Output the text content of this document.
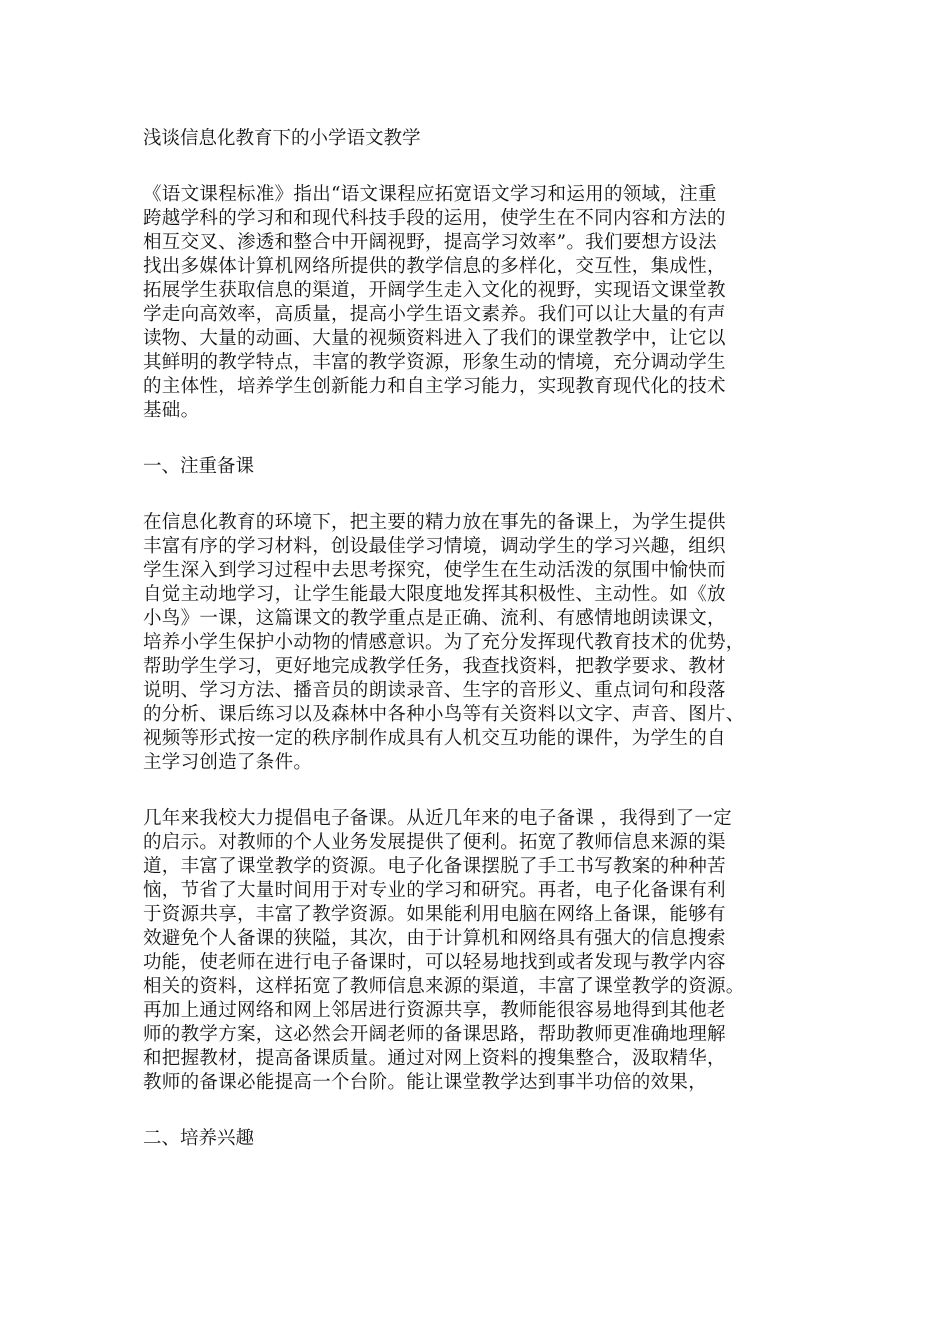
浅谈信息化教育下的小学语文教学
《语文课程标准》指出“语文课程应拓宽语文学习和运用的领域，注重
跨越学科的学习和和现代科技手段的运用，使学生在不同内容和方法的
相互交叉、渗透和整合中开阔视野，提高学习效率”。我们要想方设法
找出多媒体计算机网络所提供的教学信息的多样化，交互性，集成性，
拓展学生获取信息的渠道，开阔学生走入文化的视野，实现语文课堂教
学走向高效率，高质量，提高小学生语文素养。我们可以让大量的有声
读物、大量的动画、大量的视频资料进入了我们的课堂教学中，让它以
其鲜明的教学特点，丰富的教学资源，形象生动的情境，充分调动学生
的主体性，培养学生创新能力和自主学习能力，实现教育现代化的技术
基础。
一、注重备课
在信息化教育的环境下，把主要的精力放在事先的备课上，为学生提供
丰富有序的学习材料，创设最佳学习情境，调动学生的学习兴趣，组织
学生深入到学习过程中去思考探究，使学生在生动活泼的氛围中愉快而
自觉主动地学习，让学生能最大限度地发挥其积极性、主动性。如《放
小鸟》一课，这篇课文的教学重点是正确、流利、有感情地朗读课文，
培养小学生保护小动物的情感意识。为了充分发挥现代教育技术的优势，
帮助学生学习，更好地完成教学任务，我查找资料，把教学要求、教材
说明、学习方法、播音员的朗读录音、生字的音形义、重点词句和段落
的分析、课后练习以及森林中各种小鸟等有关资料以文字、声音、图片、
视频等形式按一定的秩序制作成具有人机交互功能的课件，为学生的自
主学习创造了条件。
几年来我校大力提倡电子备课。从近几年来的电子备课 ，我得到了一定
的启示。对教师的个人业务发展提供了便利。拓宽了教师信息来源的渠
道，丰富了课堂教学的资源。电子化备课摆脱了手工书写教案的种种苦
恼，节省了大量时间用于对专业的学习和研究。再者，电子化备课有利
于资源共享，丰富了教学资源。如果能利用电脑在网络上备课，能够有
效避免个人备课的狭隘，其次，由于计算机和网络具有强大的信息搜索
功能，使老师在进行电子备课时，可以轻易地找到或者发现与教学内容
相关的资料，这样拓宽了教师信息来源的渠道，丰富了课堂教学的资源。
再加上通过网络和网上邻居进行资源共享，教师能很容易地得到其他老
师的教学方案，这必然会开阔老师的备课思路，帮助教师更准确地理解
和把握教材，提高备课质量。通过对网上资料的搜集整合，汲取精华，
教师的备课必能提高一个台阶。能让课堂教学达到事半功倍的效果，
二、培养兴趣
